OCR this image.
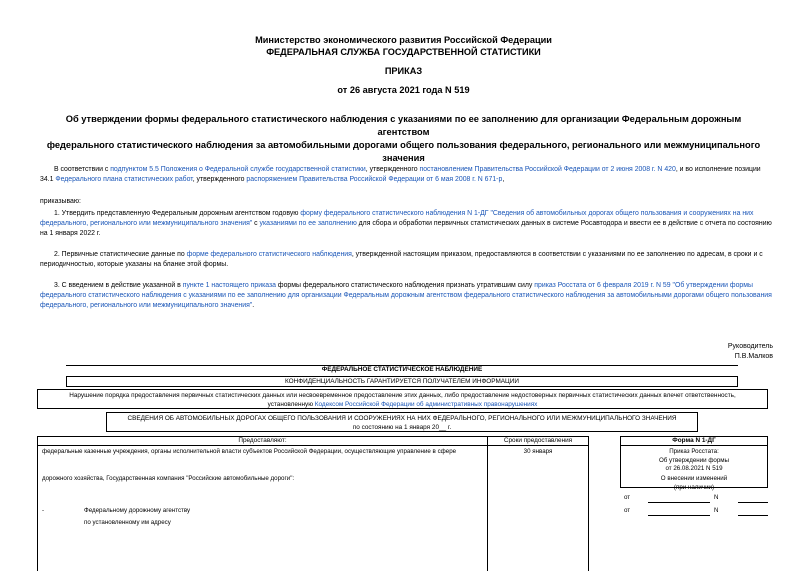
Министерство экономического развития Российской Федерации
ФЕДЕРАЛЬНАЯ СЛУЖБА ГОСУДАРСТВЕННОЙ СТАТИСТИКИ
ПРИКАЗ
от 26 августа 2021 года N 519
Об утверждении формы федерального статистического наблюдения с указаниями по ее заполнению для организации Федеральным дорожным агентством
федерального статистического наблюдения за автомобильными дорогами общего пользования федерального, регионального или межмуниципального значения
В соответствии с подпунктом 5.5 Положения о Федеральной службе государственной статистики, утвержденного постановлением Правительства Российской Федерации от 2 июня 2008 г. N 420, и во исполнение позиции 34.1 Федерального плана статистических работ, утвержденного распоряжением Правительства Российской Федерации от 6 мая 2008 г. N 671-р,
приказываю:
1. Утвердить представленную Федеральным дорожным агентством годовую форму федерального статистического наблюдения N 1-ДГ "Сведения об автомобильных дорогах общего пользования и сооружениях на них федерального, регионального или межмуниципального значения" с указаниями по ее заполнению для сбора и обработки первичных статистических данных в системе Росавтодора и ввести ее в действие с отчета по состоянию на 1 января 2022 г.
2. Первичные статистические данные по форме федерального статистического наблюдения, утвержденной настоящим приказом, предоставляются в соответствии с указаниями по ее заполнению по адресам, в сроки и с периодичностью, которые указаны на бланке этой формы.
3. С введением в действие указанной в пункте 1 настоящего приказа формы федерального статистического наблюдения признать утратившим силу приказ Росстата от 6 февраля 2019 г. N 59 "Об утверждении формы федерального статистического наблюдения с указаниями по ее заполнению для организации Федеральным дорожным агентством федерального статистического наблюдения за автомобильными дорогами общего пользования федерального, регионального или межмуниципального значения".
Руководитель
П.В.Малков
ФЕДЕРАЛЬНОЕ СТАТИСТИЧЕСКОЕ НАБЛЮДЕНИЕ
КОНФИДЕНЦИАЛЬНОСТЬ ГАРАНТИРУЕТСЯ ПОЛУЧАТЕЛЕМ ИНФОРМАЦИИ
Нарушение порядка предоставления первичных статистических данных или несвоевременное предоставление этих данных, либо предоставление недостоверных первичных статистических данных влечет ответственность,
установленную Кодексом Российской Федерации об административных правонарушениях
СВЕДЕНИЯ ОБ АВТОМОБИЛЬНЫХ ДОРОГАХ ОБЩЕГО ПОЛЬЗОВАНИЯ И СООРУЖЕНИЯХ НА НИХ ФЕДЕРАЛЬНОГО, РЕГИОНАЛЬНОГО ИЛИ МЕЖМУНИЦИПАЛЬНОГО ЗНАЧЕНИЯ
по состоянию на 1 января 20__ г.
Предоставляют:	Сроки предоставления	Форма N 1-ДГ
федеральные казенные учреждения, органы исполнительной власти субъектов Российской Федерации, осуществляющие управление в сфере	30 января
дорожного хозяйства, Государственная компания "Российские автомобильные дороги":
Приказ Росстата:
Об утверждении формы
от 26.08.2021 N 519
О внесении изменений
(при наличии)
от	N
от	N
-	Федеральному дорожному агентству
по установленному им адресу
